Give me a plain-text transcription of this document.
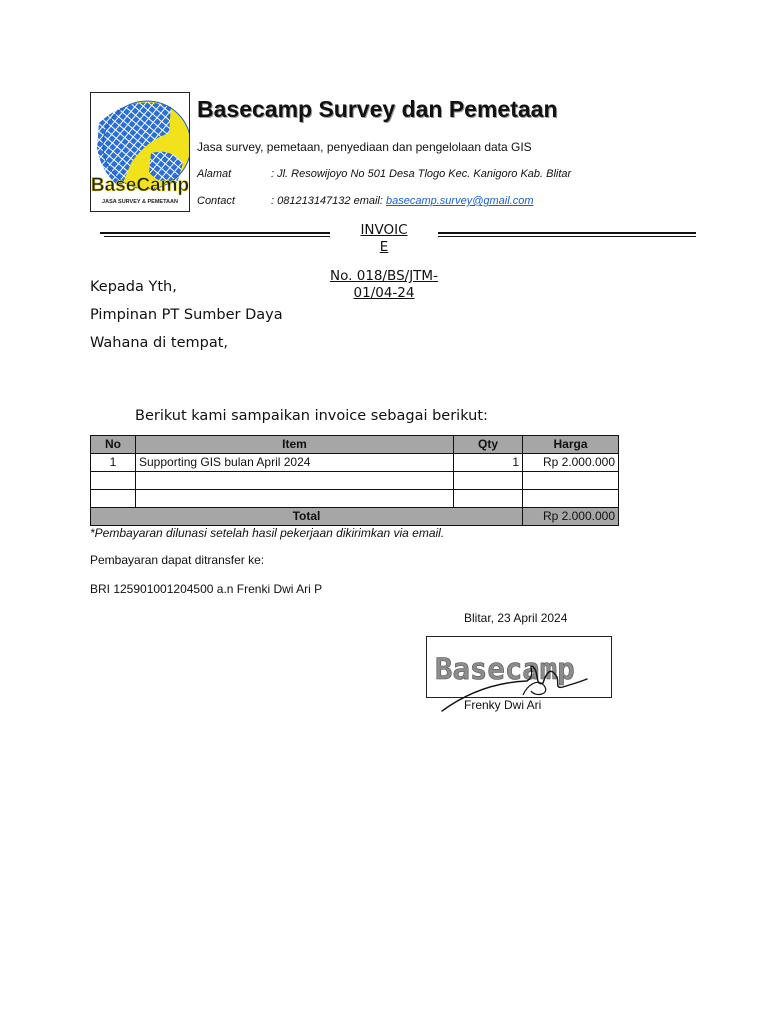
BaseCamp
JASA SURVEY & PEMETAAN
Basecamp Survey dan Pemetaan
Jasa survey, pemetaan, penyediaan dan pengelolaan data GIS
Alamat	: Jl. Resowijoyo No 501 Desa Tlogo Kec. Kanigoro Kab. Blitar
Contact	: 081213147132 email: basecamp.survey@gmail.com
INVOIC
E
No. 018/BS/JTM-
01/04-24
Kepada Yth,
Pimpinan PT Sumber Daya
Wahana di tempat,
Berikut kami sampaikan invoice sebagai berikut:
No	Item	Qty	Harga
1	Supporting GIS bulan April 2024	1	Rp 2.000.000

Total			Rp 2.000.000
*Pembayaran dilunasi setelah hasil pekerjaan dikirimkan via email.
Pembayaran dapat ditransfer ke:
BRI 125901001204500 a.n Frenki Dwi Ari P
Blitar, 23 April 2024
Basecamp
Frenky Dwi Ari
